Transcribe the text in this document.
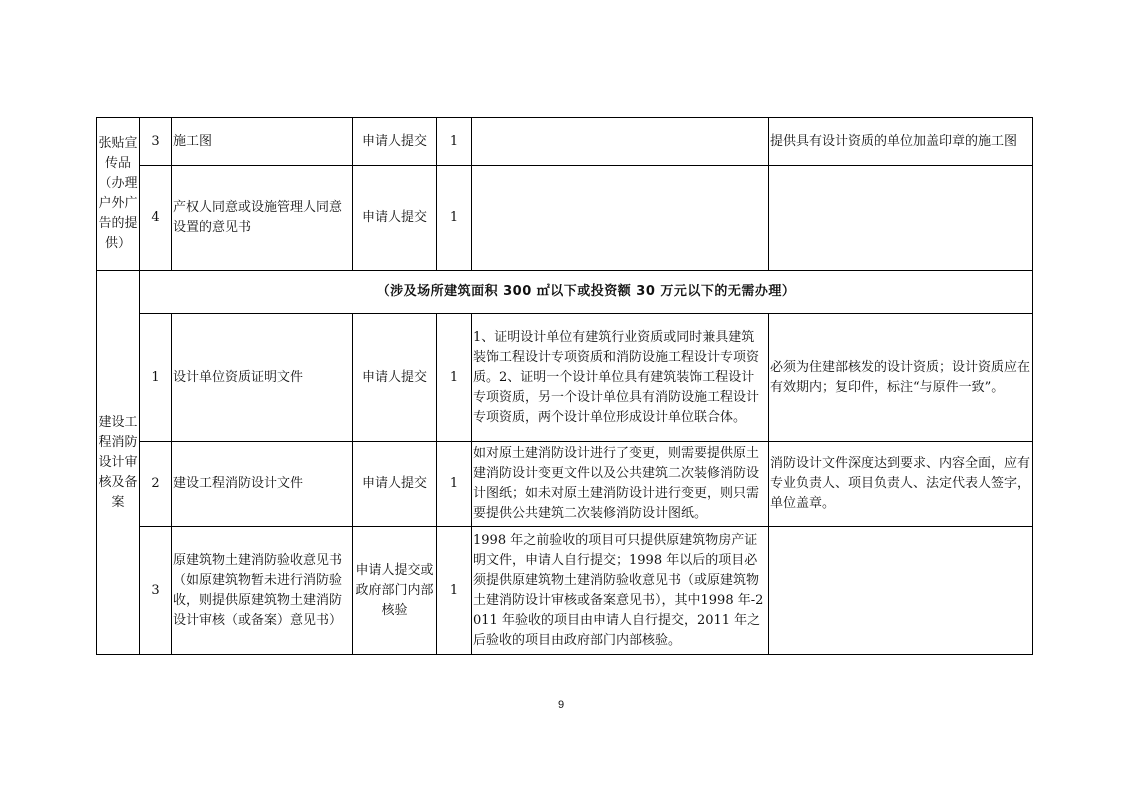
张贴宣传品（办理户外广告的提供）	3	施工图	申请人提交	1		提供具有设计资质的单位加盖印章的施工图
	4	产权人同意或设施管理人同意设置的意见书	申请人提交	1		
建设工程消防设计审核及备案	（涉及场所建筑面积 300 ㎡以下或投资额 30 万元以下的无需办理）					
	1	设计单位资质证明文件	申请人提交	1	1、证明设计单位有建筑行业资质或同时兼具建筑装饰工程设计专项资质和消防设施工程设计专项资质。2、证明一个设计单位具有建筑装饰工程设计专项资质，另一个设计单位具有消防设施工程设计专项资质，两个设计单位形成设计单位联合体。	必须为住建部核发的设计资质；设计资质应在有效期内；复印件，标注“与原件一致”。
	2	建设工程消防设计文件	申请人提交	1	如对原土建消防设计进行了变更，则需要提供原土建消防设计变更文件以及公共建筑二次装修消防设计图纸；如未对原土建消防设计进行变更，则只需要提供公共建筑二次装修消防设计图纸。	消防设计文件深度达到要求、内容全面，应有专业负责人、项目负责人、法定代表人签字，单位盖章。
	3	原建筑物土建消防验收意见书（如原建筑物暂未进行消防验收，则提供原建筑物土建消防设计审核（或备案）意见书）	申请人提交或政府部门内部核验	1	1998 年之前验收的项目可只提供原建筑物房产证明文件，申请人自行提交；1998 年以后的项目必须提供原建筑物土建消防验收意见书（或原建筑物土建消防设计审核或备案意见书），其中1998 年-2011 年验收的项目由申请人自行提交，2011 年之后验收的项目由政府部门内部核验。	
9
